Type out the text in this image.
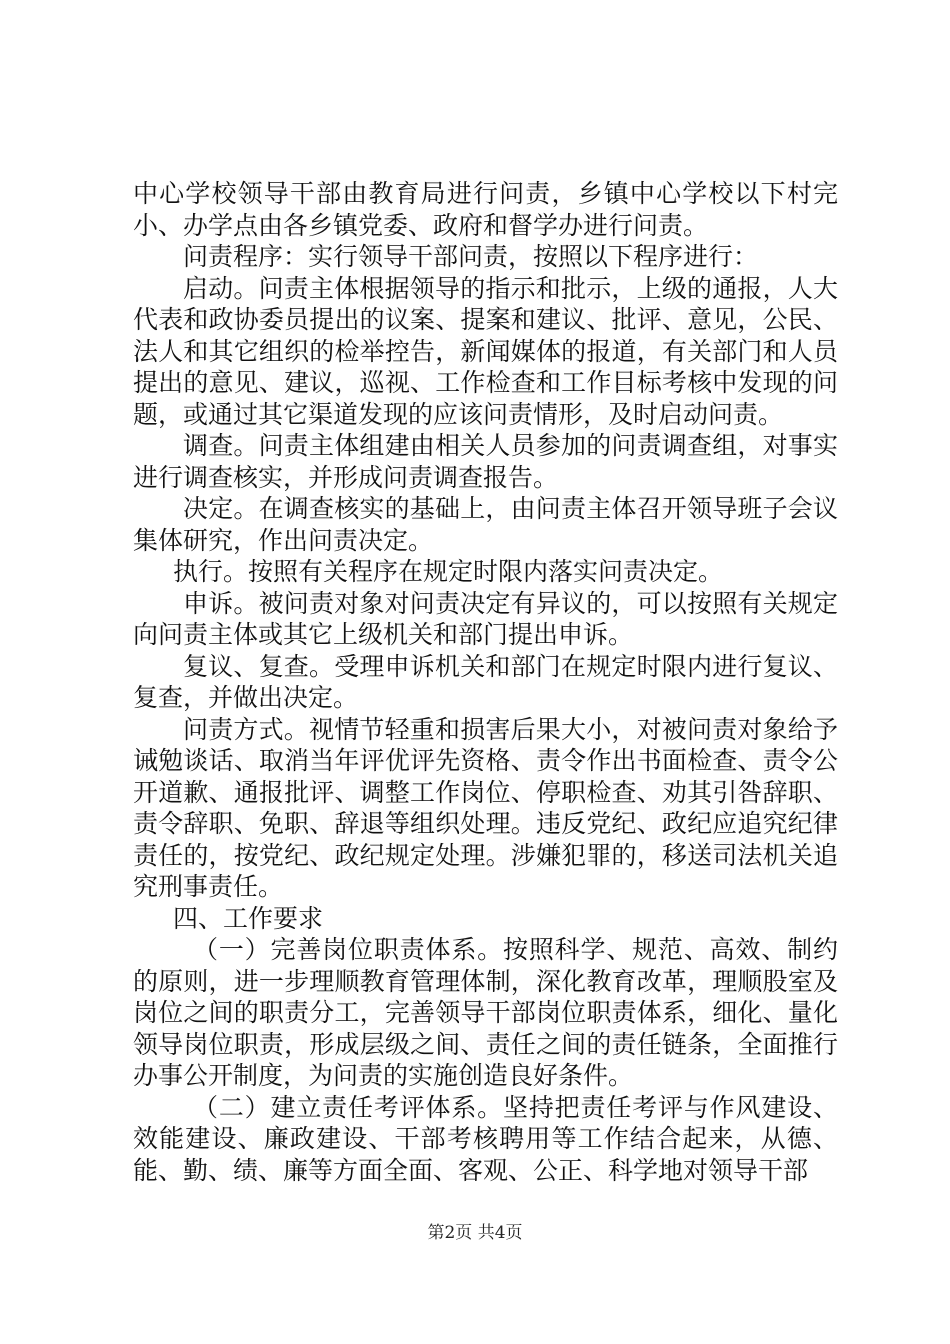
中心学校领导干部由教育局进行问责，乡镇中心学校以下村完小、办学点由各乡镇党委、政府和督学办进行问责。

问责程序：实行领导干部问责，按照以下程序进行：

启动。问责主体根据领导的指示和批示，上级的通报，人大代表和政协委员提出的议案、提案和建议、批评、意见，公民、法人和其它组织的检举控告，新闻媒体的报道，有关部门和人员提出的意见、建议，巡视、工作检查和工作目标考核中发现的问题，或通过其它渠道发现的应该问责情形，及时启动问责。

调查。问责主体组建由相关人员参加的问责调查组，对事实进行调查核实，并形成问责调查报告。

决定。在调查核实的基础上，由问责主体召开领导班子会议集体研究，作出问责决定。

执行。按照有关程序在规定时限内落实问责决定。

申诉。被问责对象对问责决定有异议的，可以按照有关规定向问责主体或其它上级机关和部门提出申诉。

复议、复查。受理申诉机关和部门在规定时限内进行复议、复查，并做出决定。

问责方式。视情节轻重和损害后果大小，对被问责对象给予诫勉谈话、取消当年评优评先资格、责令作出书面检查、责令公开道歉、通报批评、调整工作岗位、停职检查、劝其引咎辞职、责令辞职、免职、辞退等组织处理。违反党纪、政纪应追究纪律责任的，按党纪、政纪规定处理。涉嫌犯罪的，移送司法机关追究刑事责任。

四、工作要求

（一）完善岗位职责体系。按照科学、规范、高效、制约的原则，进一步理顺教育管理体制，深化教育改革，理顺股室及岗位之间的职责分工，完善领导干部岗位职责体系，细化、量化领导岗位职责，形成层级之间、责任之间的责任链条，全面推行办事公开制度，为问责的实施创造良好条件。

（二）建立责任考评体系。坚持把责任考评与作风建设、效能建设、廉政建设、干部考核聘用等工作结合起来，从德、能、勤、绩、廉等方面全面、客观、公正、科学地对领导干部

第2页 共4页
